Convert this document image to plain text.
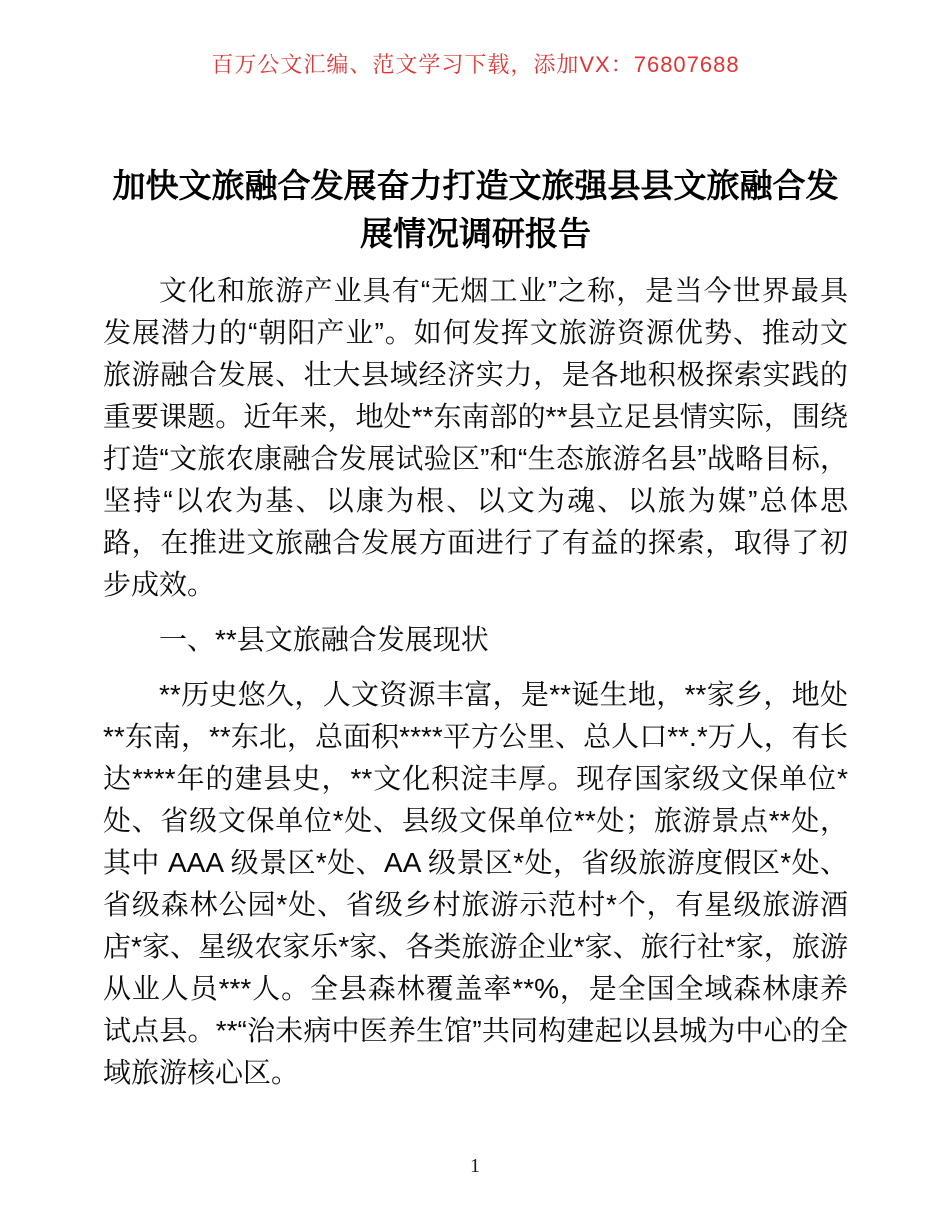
百万公文汇编、范文学习下载，添加VX：76807688
加快文旅融合发展奋力打造文旅强县县文旅融合发展情况调研报告

文化和旅游产业具有“无烟工业”之称，是当今世界最具发展潜力的“朝阳产业”。如何发挥文旅游资源优势、推动文旅游融合发展、壮大县域经济实力，是各地积极探索实践的重要课题。近年来，地处**东南部的**县立足县情实际，围绕打造“文旅农康融合发展试验区”和“生态旅游名县”战略目标，坚持“以农为基、以康为根、以文为魂、以旅为媒”总体思路，在推进文旅融合发展方面进行了有益的探索，取得了初步成效。

一、**县文旅融合发展现状

**历史悠久，人文资源丰富，是**诞生地，**家乡，地处**东南，**东北，总面积****平方公里、总人口**.*万人，有长达****年的建县史，**文化积淀丰厚。现存国家级文保单位*处、省级文保单位*处、县级文保单位**处；旅游景点**处，其中 AAA 级景区*处、AA 级景区*处，省级旅游度假区*处、省级森林公园*处、省级乡村旅游示范村*个，有星级旅游酒店*家、星级农家乐*家、各类旅游企业*家、旅行社*家，旅游从业人员***人。全县森林覆盖率**%，是全国全域森林康养试点县。**“治未病中医养生馆”共同构建起以县城为中心的全域旅游核心区。

1
